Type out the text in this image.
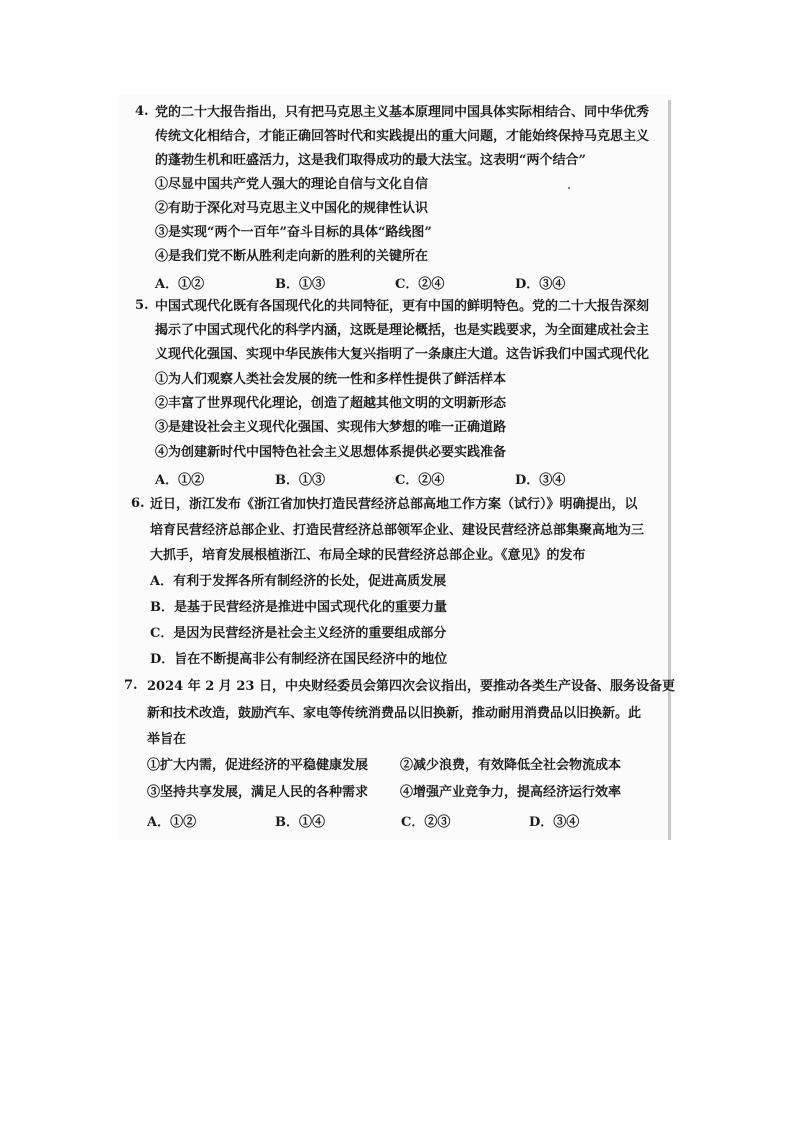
4. 党的二十大报告指出，只有把马克思主义基本原理同中国具体实际相结合、同中华优秀
传统文化相结合，才能正确回答时代和实践提出的重大问题，才能始终保持马克思主义
的蓬勃生机和旺盛活力，这是我们取得成功的最大法宝。这表明“两个结合”
①尽显中国共产党人强大的理论自信与文化自信
②有助于深化对马克思主义中国化的规律性认识
③是实现“两个一百年”奋斗目标的具体“路线图”
④是我们党不断从胜利走向新的胜利的关键所在
A．①②	B．①③	C．②④	D．③④
5. 中国式现代化既有各国现代化的共同特征，更有中国的鲜明特色。党的二十大报告深刻
揭示了中国式现代化的科学内涵，这既是理论概括，也是实践要求，为全面建成社会主
义现代化强国、实现中华民族伟大复兴指明了一条康庄大道。这告诉我们中国式现代化
①为人们观察人类社会发展的统一性和多样性提供了鲜活样本
②丰富了世界现代化理论，创造了超越其他文明的文明新形态
③是建设社会主义现代化强国、实现伟大梦想的唯一正确道路
④为创建新时代中国特色社会主义思想体系提供必要实践准备
A．①②	B．①③	C．②④	D．③④
6. 近日，浙江发布《浙江省加快打造民营经济总部高地工作方案（试行）》明确提出，以
培育民营经济总部企业、打造民营经济总部领军企业、建设民营经济总部集聚高地为三
大抓手，培育发展根植浙江、布局全球的民营经济总部企业。《意见》的发布
A．有利于发挥各所有制经济的长处，促进高质发展
B．是基于民营经济是推进中国式现代化的重要力量
C．是因为民营经济是社会主义经济的重要组成部分
D．旨在不断提高非公有制经济在国民经济中的地位
7. 2024 年 2 月 23 日，中央财经委员会第四次会议指出，要推动各类生产设备、服务设备更
新和技术改造，鼓励汽车、家电等传统消费品以旧换新，推动耐用消费品以旧换新。此
举旨在
①扩大内需，促进经济的平稳健康发展 ②减少浪费，有效降低全社会物流成本
③坚持共享发展，满足人民的各种需求 ④增强产业竞争力，提高经济运行效率
A．①②	B．①④	C．②③	D．③④
